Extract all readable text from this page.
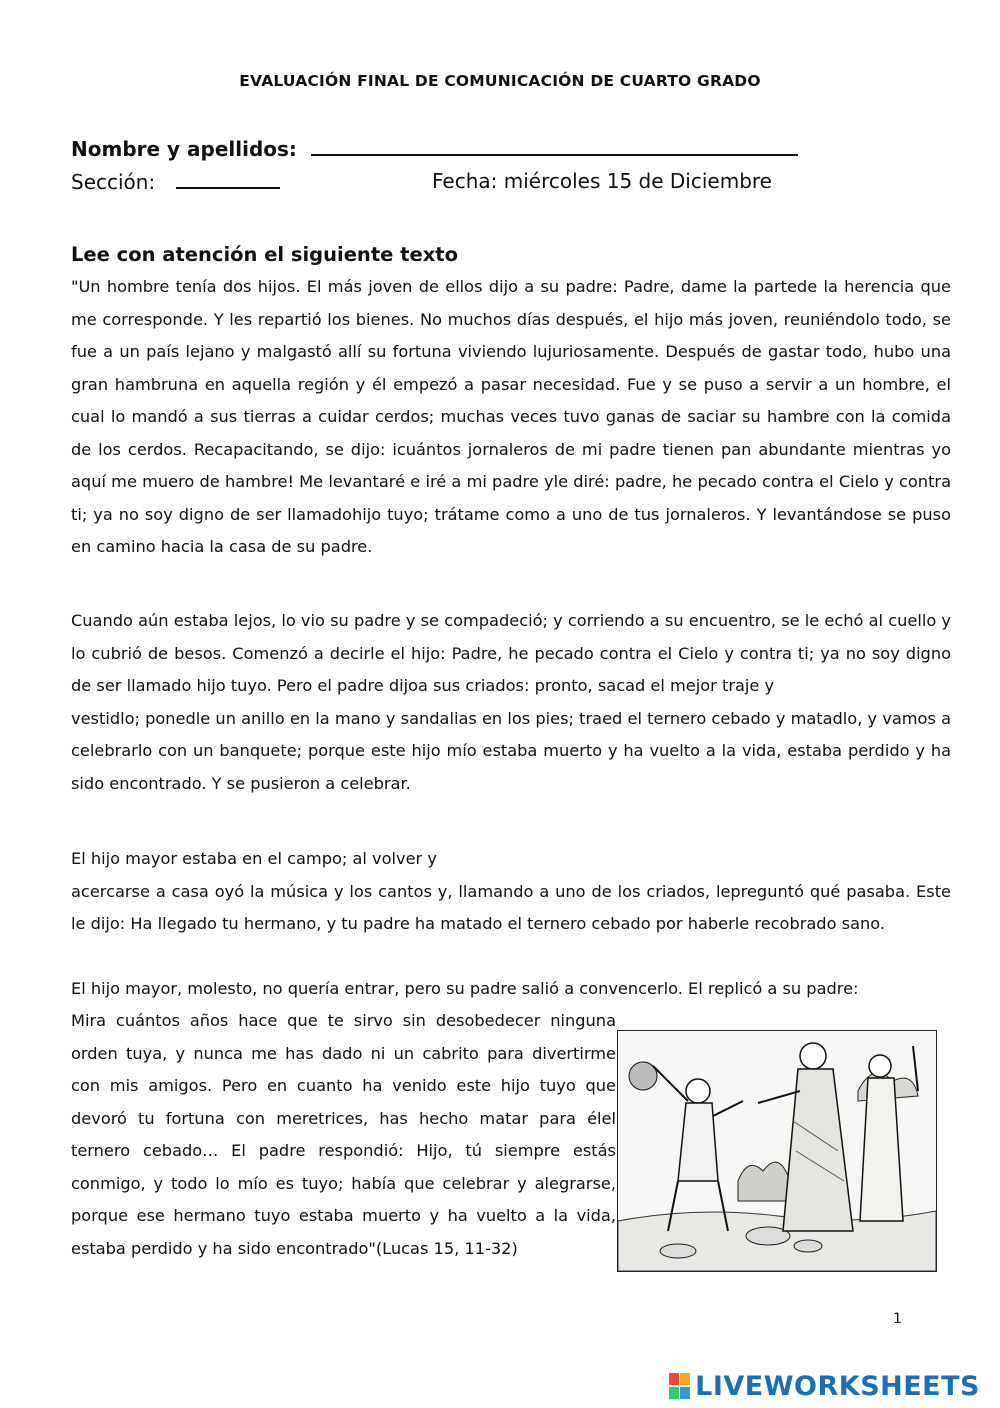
EVALUACIÓN FINAL DE COMUNICACIÓN DE CUARTO GRADO
Nombre y apellidos:
Sección:	Fecha: miércoles 15 de Diciembre
Lee con atención el siguiente texto

"Un hombre tenía dos hijos. El más joven de ellos dijo a su padre: Padre, dame la partede la herencia que me corresponde. Y les repartió los bienes. No muchos días después, el hijo más joven, reuniéndolo todo, se fue a un país lejano y malgastó allí su fortuna viviendo lujuriosamente. Después de gastar todo, hubo una gran hambruna en aquella región y él empezó a pasar necesidad. Fue y se puso a servir a un hombre, el cual lo mandó a sus tierras a cuidar cerdos; muchas veces tuvo ganas de saciar su hambre con la comida de los cerdos. Recapacitando, se dijo: icuántos jornaleros de mi padre tienen pan abundante mientras yo aquí me muero de hambre! Me levantaré e iré a mi padre yle diré: padre, he pecado contra el Cielo y contra ti; ya no soy digno de ser llamadohijo tuyo; trátame como a uno de tus jornaleros. Y levantándose se puso en camino hacia la casa de su padre.

Cuando aún estaba lejos, lo vio su padre y se compadeció; y corriendo a su encuentro, se le echó al cuello y lo cubrió de besos. Comenzó a decirle el hijo: Padre, he pecado contra el Cielo y contra ti; ya no soy digno de ser llamado hijo tuyo. Pero el padre dijoa sus criados: pronto, sacad el mejor traje y

vestidlo; ponedle un anillo en la mano y sandalias en los pies; traed el ternero cebado y matadlo, y vamos a celebrarlo con un banquete; porque este hijo mío estaba muerto y ha vuelto a la vida, estaba perdido y ha sido encontrado. Y se pusieron a celebrar.

El hijo mayor estaba en el campo; al volver y

acercarse a casa oyó la música y los cantos y, llamando a uno de los criados, lepreguntó qué pasaba. Este le dijo: Ha llegado tu hermano, y tu padre ha matado el ternero cebado por haberle recobrado sano.

El hijo mayor, molesto, no quería entrar, pero su padre salió a convencerlo. El replicó a su padre:

Mira cuántos años hace que te sirvo sin desobedecer ninguna orden tuya, y nunca me has dado ni un cabrito para divertirme con mis amigos. Pero en cuanto ha venido este hijo tuyo que devoró tu fortuna con meretrices, has hecho matar para élel ternero cebado… El padre respondió: Hijo, tú siempre estás conmigo, y todo lo mío es tuyo; había que celebrar y alegrarse, porque ese hermano tuyo estaba muerto y ha vuelto a la vida, estaba perdido y ha sido encontrado"(Lucas 15, 11-32)

1
LIVEWORKSHEETS
